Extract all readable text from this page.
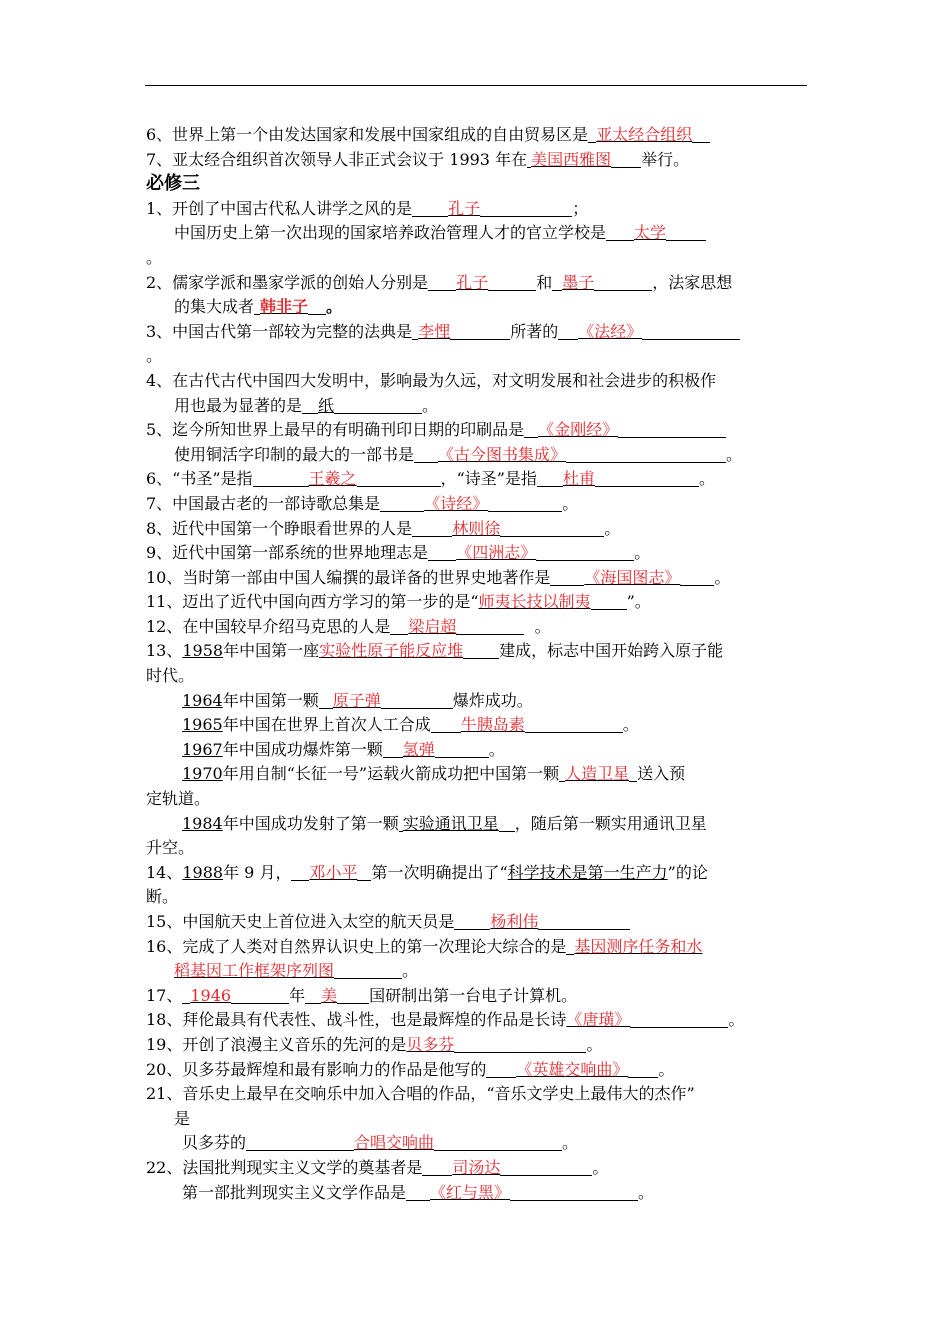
6、世界上第一个由发达国家和发展中国家组成的自由贸易区是 亚太经合组织
7、亚太经合组织首次领导人非正式会议于 1993 年在 美国西雅图 举行。
必修三
1、开创了中国古代私人讲学之风的是 孔子	；
中国历史上第一次出现的国家培养政治管理人才的官立学校是 太学
。
2、儒家学派和墨家学派的创始人分别是 孔子	和 墨子	，法家思想
的集大成者 韩非子 。
3、中国古代第一部较为完整的法典是 李悝	所著的 《法经》
。
4、在古代古代中国四大发明中，影响最为久远，对文明发展和社会进步的积极作
用也最为显著的是 纸	。
5、迄今所知世界上最早的有明确刊印日期的印刷品是 《金刚经》
使用铜活字印制的最大的一部书是 《古今图书集成》	。
6、“书圣”是指	王羲之	，“诗圣”是指 杜甫	。
7、中国最古老的一部诗歌总集是	《诗经》	。
8、近代中国第一个睁眼看世界的人是	林则徐	。
9、近代中国第一部系统的世界地理志是 《四洲志》	。
10、当时第一部由中国人编撰的最详备的世界史地著作是 《海国图志》 。
11、迈出了近代中国向西方学习的第一步的是“师夷长技以制夷 ”。
12、在中国较早介绍马克思的人是 梁启超	。
13、1958年中国第一座实验性原子能反应堆 建成，标志中国开始跨入原子能
时代。
1964年中国第一颗 原子弹	爆炸成功。
1965年中国在世界上首次人工合成 牛胰岛素	。
1967年中国成功爆炸第一颗 氢弹	。
1970年用自制“长征一号”运载火箭成功把中国第一颗 人造卫星 送入预
定轨道。
1984年中国成功发射了第一颗 实验通讯卫星 ，随后第一颗实用通讯卫星
升空。
14、1988年 9 月， 邓小平 第一次明确提出了“科学技术是第一生产力”的论
断。
15、中国航天史上首位进入太空的航天员是 杨利伟
16、完成了人类对自然界认识史上的第一次理论大综合的是 基因测序任务和水
稻基因工作框架序列图	。
17、 1946	年 美 国研制出第一台电子计算机。
18、拜伦最具有代表性、战斗性，也是最辉煌的作品是长诗《唐璜》	。
19、开创了浪漫主义音乐的先河的是贝多芬	。
20、贝多芬最辉煌和最有影响力的作品是他写的 《英雄交响曲》 。
21、音乐史上最早在交响乐中加入合唱的作品，“音乐文学史上最伟大的杰作”
是
贝多芬的	合唱交响曲	。
22、法国批判现实主义文学的奠基者是 司汤达	。
第一部批判现实主义文学作品是 《红与黑》	。
